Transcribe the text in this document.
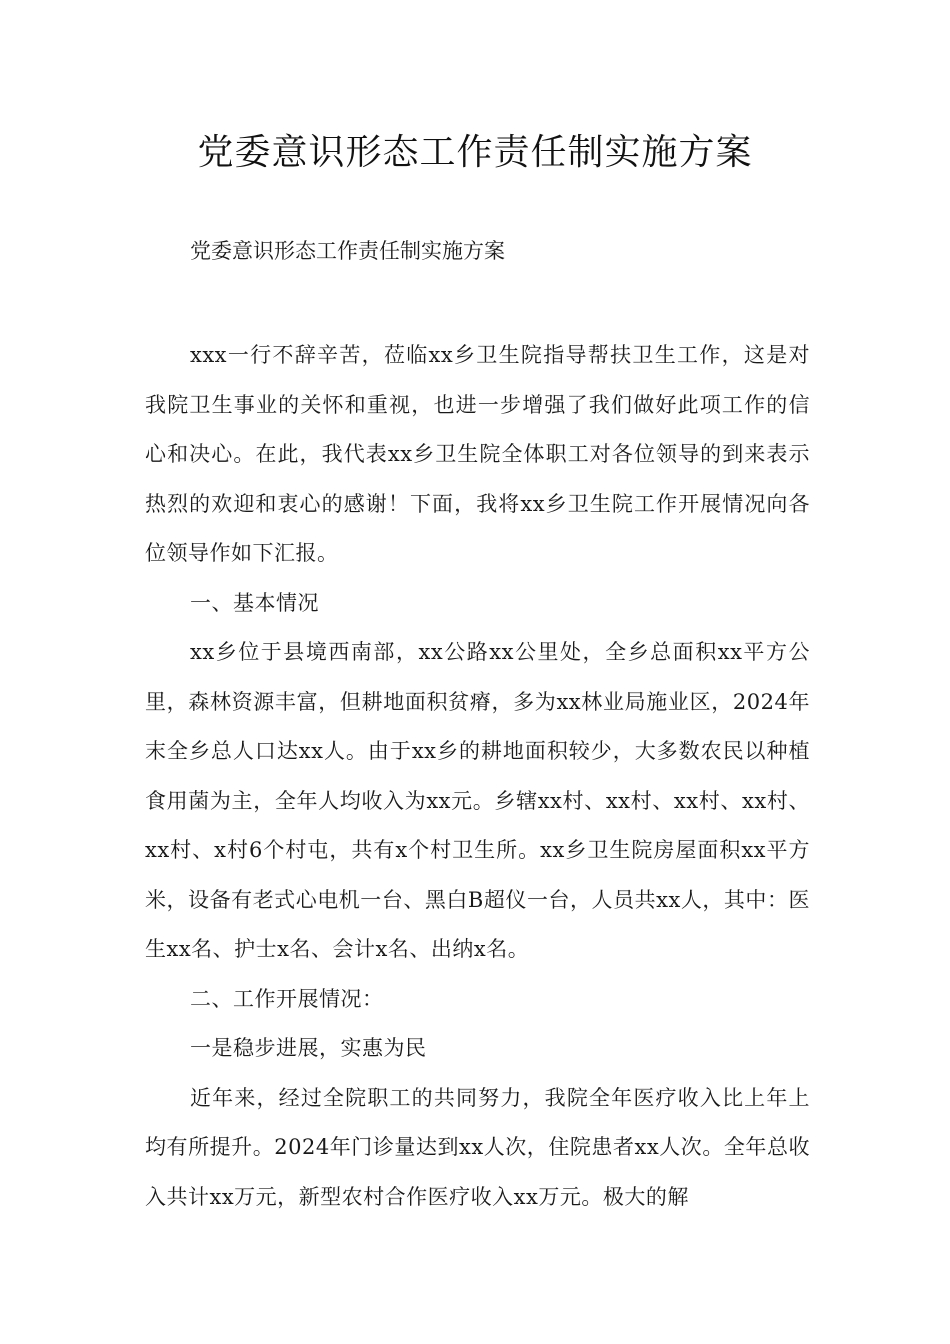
党委意识形态工作责任制实施方案

党委意识形态工作责任制实施方案

xxx一行不辞辛苦，莅临xx乡卫生院指导帮扶卫生工作，这是对我院卫生事业的关怀和重视，也进一步增强了我们做好此项工作的信心和决心。在此，我代表xx乡卫生院全体职工对各位领导的到来表示热烈的欢迎和衷心的感谢！下面，我将xx乡卫生院工作开展情况向各位领导作如下汇报。

一、基本情况

xx乡位于县境西南部，xx公路xx公里处，全乡总面积xx平方公里，森林资源丰富，但耕地面积贫瘠，多为xx林业局施业区，2024年末全乡总人口达xx人。由于xx乡的耕地面积较少，大多数农民以种植食用菌为主，全年人均收入为xx元。乡辖xx村、xx村、xx村、xx村、xx村、x村6个村屯，共有x个村卫生所。xx乡卫生院房屋面积xx平方米，设备有老式心电机一台、黑白B超仪一台，人员共xx人，其中：医生xx名、护士x名、会计x名、出纳x名。

二、工作开展情况：

一是稳步进展，实惠为民

近年来，经过全院职工的共同努力，我院全年医疗收入比上年上均有所提升。2024年门诊量达到xx人次，住院患者xx人次。全年总收入共计xx万元，新型农村合作医疗收入xx万元。极大的解
